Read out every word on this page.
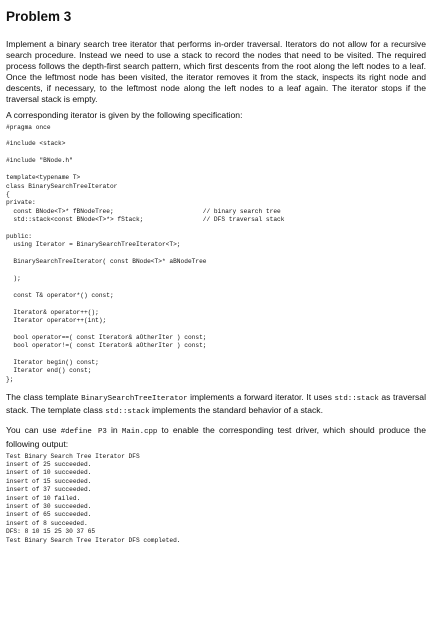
Problem 3

Implement a binary search tree iterator that performs in-order traversal. Iterators do not allow for a recursive search procedure. Instead we need to use a stack to record the nodes that need to be visited. The required process follows the depth-first search pattern, which first descents from the root along the left nodes to a leaf. Once the leftmost node has been visited, the iterator removes it from the stack, inspects its right node and descents, if necessary, to the leftmost node along the left nodes to a leaf again. The iterator stops if the traversal stack is empty.

A corresponding iterator is given by the following specification:

#pragma once

#include <stack>

#include "BNode.h"

template<typename T>
class BinarySearchTreeIterator
{
private:
const BNode<T>* fBNodeTree;                        // binary search tree
std::stack<const BNode<T>*> fStack;                // DFS traversal stack

public:
using Iterator = BinarySearchTreeIterator<T>;

BinarySearchTreeIterator( const BNode<T>* aBNodeTree

);

const T& operator*() const;

Iterator& operator++();
Iterator operator++(int);

bool operator==( const Iterator& aOtherIter ) const;
bool operator!=( const Iterator& aOtherIter ) const;

Iterator begin() const;
Iterator end() const;
};

The class template BinarySearchTreeIterator implements a forward iterator. It uses std::stack as traversal stack. The template class std::stack implements the standard behavior of a stack.

You can use #define P3 in Main.cpp to enable the corresponding test driver, which should produce the following output:

Test Binary Search Tree Iterator DFS
insert of 25 succeeded.
insert of 10 succeeded.
insert of 15 succeeded.
insert of 37 succeeded.
insert of 10 failed.
insert of 30 succeeded.
insert of 65 succeeded.
insert of 8 succeeded.
DFS: 8 10 15 25 30 37 65
Test Binary Search Tree Iterator DFS completed.
